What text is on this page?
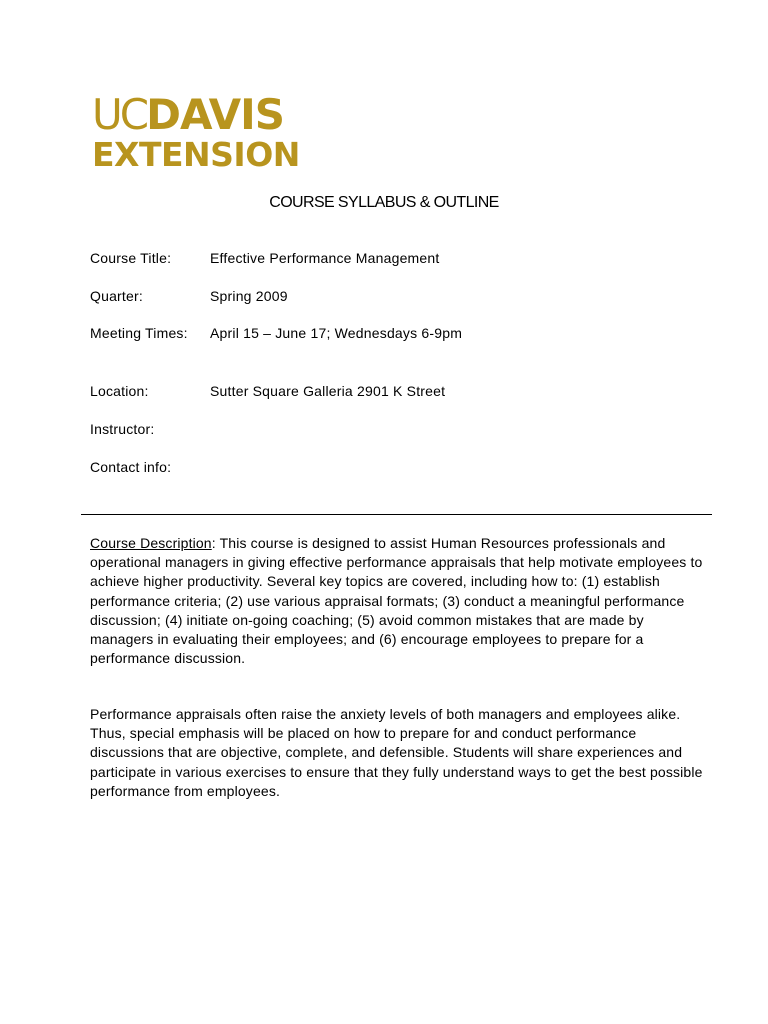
UCDAVIS
EXTENSION
COURSE SYLLABUS & OUTLINE
Course Title:	Effective Performance Management
Quarter:	Spring 2009
Meeting Times: April 15 – June 17; Wednesdays 6-9pm
Location:	Sutter Square Galleria 2901 K Street
Instructor:
Contact info:

Course Description: This course is designed to assist Human Resources professionals and operational managers in giving effective performance appraisals that help motivate employees to achieve higher productivity. Several key topics are covered, including how to: (1) establish performance criteria; (2) use various appraisal formats; (3) conduct a meaningful performance discussion; (4) initiate on-going coaching; (5) avoid common mistakes that are made by managers in evaluating their employees; and (6) encourage employees to prepare for a performance discussion.

Performance appraisals often raise the anxiety levels of both managers and employees alike. Thus, special emphasis will be placed on how to prepare for and conduct performance discussions that are objective, complete, and defensible. Students will share experiences and participate in various exercises to ensure that they fully understand ways to get the best possible performance from employees.
